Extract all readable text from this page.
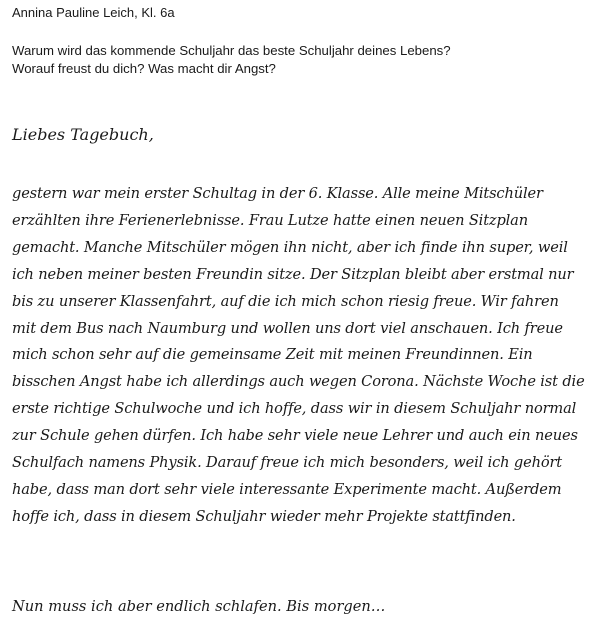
Annina Pauline Leich, Kl. 6a
Warum wird das kommende Schuljahr das beste Schuljahr deines Lebens?
Worauf freust du dich? Was macht dir Angst?
Liebes Tagebuch,
gestern war mein erster Schultag in der 6. Klasse. Alle meine Mitschüler
erzählten ihre Ferienerlebnisse. Frau Lutze hatte einen neuen Sitzplan
gemacht. Manche Mitschüler mögen ihn nicht, aber ich finde ihn super, weil
ich neben meiner besten Freundin sitze. Der Sitzplan bleibt aber erstmal nur
bis zu unserer Klassenfahrt, auf die ich mich schon riesig freue. Wir fahren
mit dem Bus nach Naumburg und wollen uns dort viel anschauen. Ich freue
mich schon sehr auf die gemeinsame Zeit mit meinen Freundinnen. Ein
bisschen Angst habe ich allerdings auch wegen Corona. Nächste Woche ist die
erste richtige Schulwoche und ich hoffe, dass wir in diesem Schuljahr normal
zur Schule gehen dürfen. Ich habe sehr viele neue Lehrer und auch ein neues
Schulfach namens Physik. Darauf freue ich mich besonders, weil ich gehört
habe, dass man dort sehr viele interessante Experimente macht. Außerdem
hoffe ich, dass in diesem Schuljahr wieder mehr Projekte stattfinden.
Nun muss ich aber endlich schlafen. Bis morgen…
